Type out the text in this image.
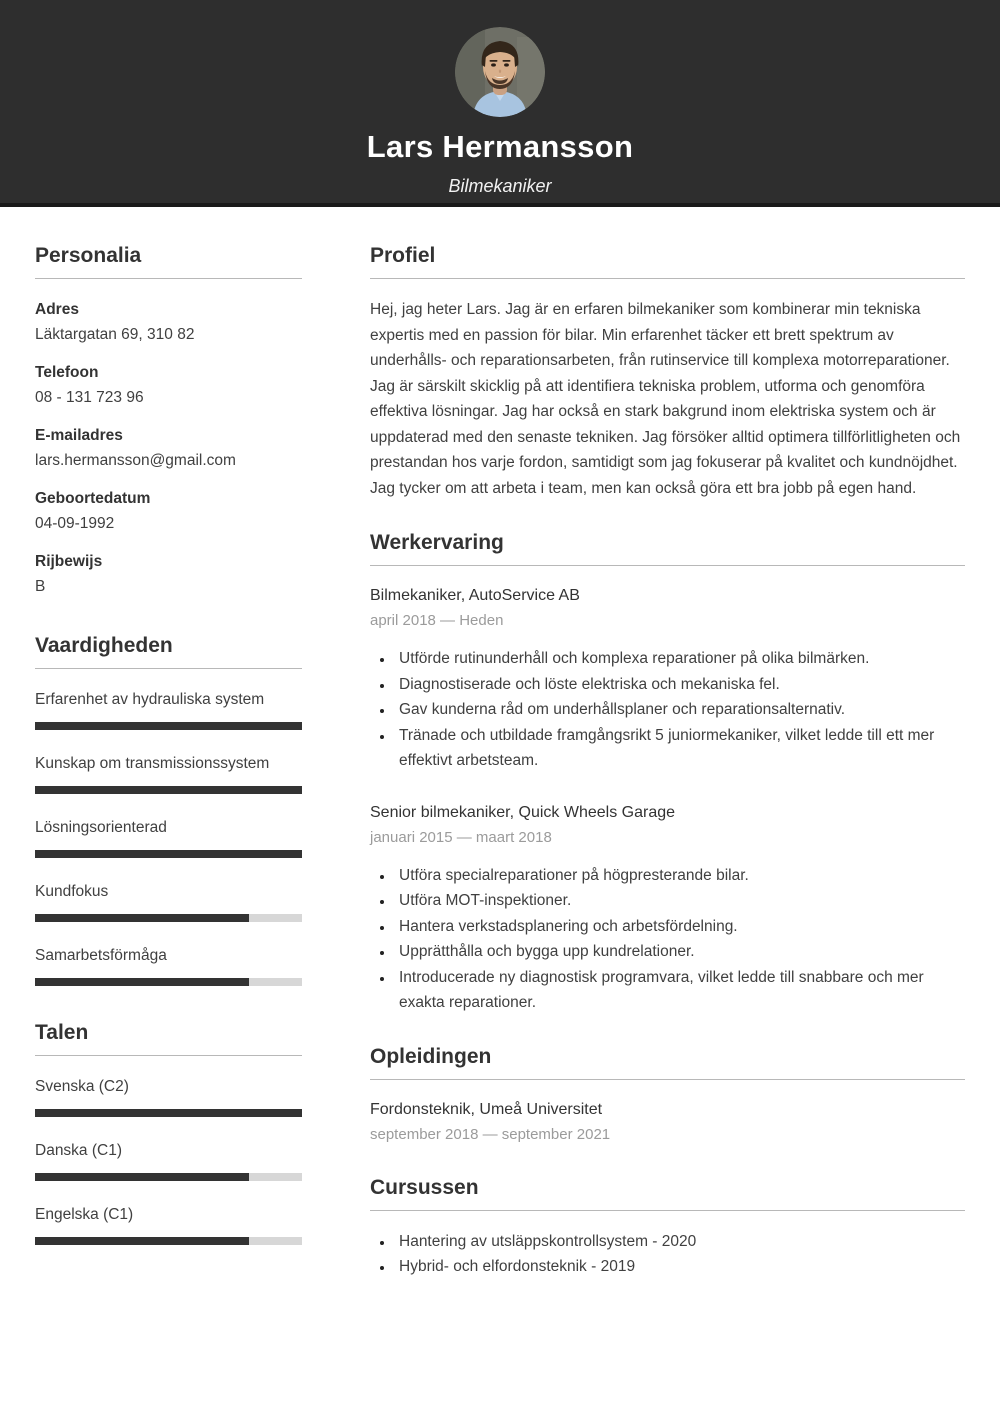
Lars Hermansson
Bilmekaniker
Personalia
Adres
Läktargatan 69, 310 82
Telefoon
08 - 131 723 96
E-mailadres
lars.hermansson@gmail.com
Geboortedatum
04-09-1992
Rijbewijs
B
Vaardigheden
Erfarenhet av hydrauliska system
Kunskap om transmissionssystem
Lösningsorienterad
Kundfokus
Samarbetsförmåga
Talen
Svenska (C2)
Danska (C1)
Engelska (C1)
Profiel

Hej, jag heter Lars. Jag är en erfaren bilmekaniker som kombinerar min tekniska expertis med en passion för bilar. Min erfarenhet täcker ett brett spektrum av underhålls- och reparationsarbeten, från rutinservice till komplexa motorreparationer. Jag är särskilt skicklig på att identifiera tekniska problem, utforma och genomföra effektiva lösningar. Jag har också en stark bakgrund inom elektriska system och är uppdaterad med den senaste tekniken. Jag försöker alltid optimera tillförlitligheten och prestandan hos varje fordon, samtidigt som jag fokuserar på kvalitet och kundnöjdhet. Jag tycker om att arbeta i team, men kan också göra ett bra jobb på egen hand.

Werkervaring
Bilmekaniker, AutoService AB
april 2018 — Heden
• Utförde rutinunderhåll och komplexa reparationer på olika bilmärken.
• Diagnostiserade och löste elektriska och mekaniska fel.
• Gav kunderna råd om underhållsplaner och reparationsalternativ.
• Tränade och utbildade framgångsrikt 5 juniormekaniker, vilket ledde till ett mer effektivt arbetsteam.
Senior bilmekaniker, Quick Wheels Garage
januari 2015 — maart 2018
• Utföra specialreparationer på högpresterande bilar.
• Utföra MOT-inspektioner.
• Hantera verkstadsplanering och arbetsfördelning.
• Upprätthålla och bygga upp kundrelationer.
• Introducerade ny diagnostisk programvara, vilket ledde till snabbare och mer exakta reparationer.
Opleidingen
Fordonsteknik, Umeå Universitet
september 2018 — september 2021
Cursussen
• Hantering av utsläppskontrollsystem - 2020
• Hybrid- och elfordonsteknik - 2019
